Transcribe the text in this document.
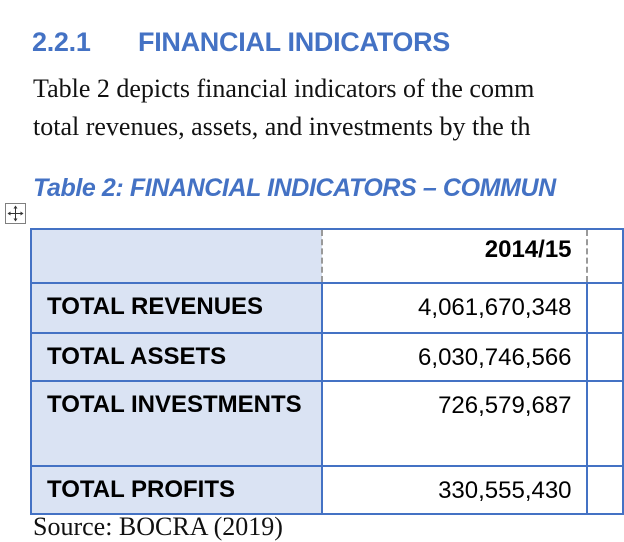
2.2.1 FINANCIAL INDICATORS
Table 2 depicts financial indicators of the comm
total revenues, assets, and investments by the th
Table 2: FINANCIAL INDICATORS – COMMUN
	2014/15	
TOTAL REVENUES	4,061,670,348	
TOTAL ASSETS	6,030,746,566	
TOTAL INVESTMENTS	726,579,687	
TOTAL PROFITS	330,555,430	
Source: BOCRA (2019)
